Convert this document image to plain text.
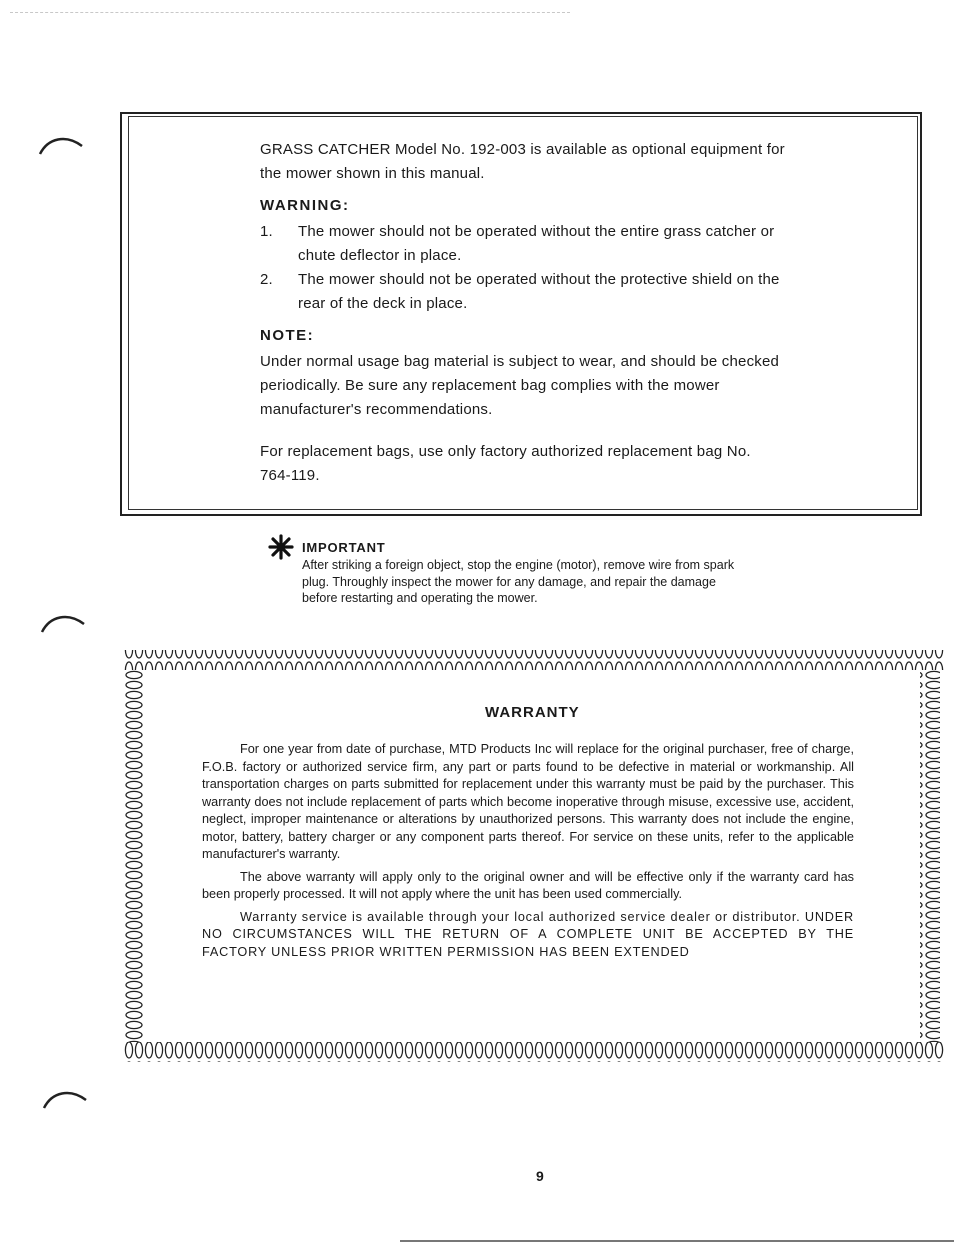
GRASS CATCHER Model No. 192-003 is available as optional equipment for the mower shown in this manual.

WARNING:

1.	The mower should not be operated without the entire grass catcher or chute deflector in place.
2.	The mower should not be operated without the protective shield on the rear of the deck in place.

NOTE:

Under normal usage bag material is subject to wear, and should be checked periodically. Be sure any replacement bag complies with the mower manufacturer's recommendations.

For replacement bags, use only factory authorized replacement bag No. 764-119.

IMPORTANT
After striking a foreign object, stop the engine (motor), remove wire from spark plug. Throughly inspect the mower for any damage, and repair the damage before restarting and operating the mower.
WARRANTY

For one year from date of purchase, MTD Products Inc will replace for the original purchaser, free of charge, F.O.B. factory or authorized service firm, any part or parts found to be defective in material or workmanship. All transportation charges on parts submitted for replacement under this warranty must be paid by the purchaser. This warranty does not include replacement of parts which become inoperative through misuse, excessive use, accident, neglect, improper maintenance or alterations by unauthorized persons. This warranty does not include the engine, motor, battery, battery charger or any component parts thereof. For service on these units, refer to the applicable manufacturer's warranty.

The above warranty will apply only to the original owner and will be effective only if the warranty card has been properly processed. It will not apply where the unit has been used commercially.

Warranty service is available through your local authorized service dealer or distributor. UNDER NO CIRCUMSTANCES WILL THE RETURN OF A COMPLETE UNIT BE ACCEPTED BY THE FACTORY UNLESS PRIOR WRITTEN PERMISSION HAS BEEN EXTENDED

9
